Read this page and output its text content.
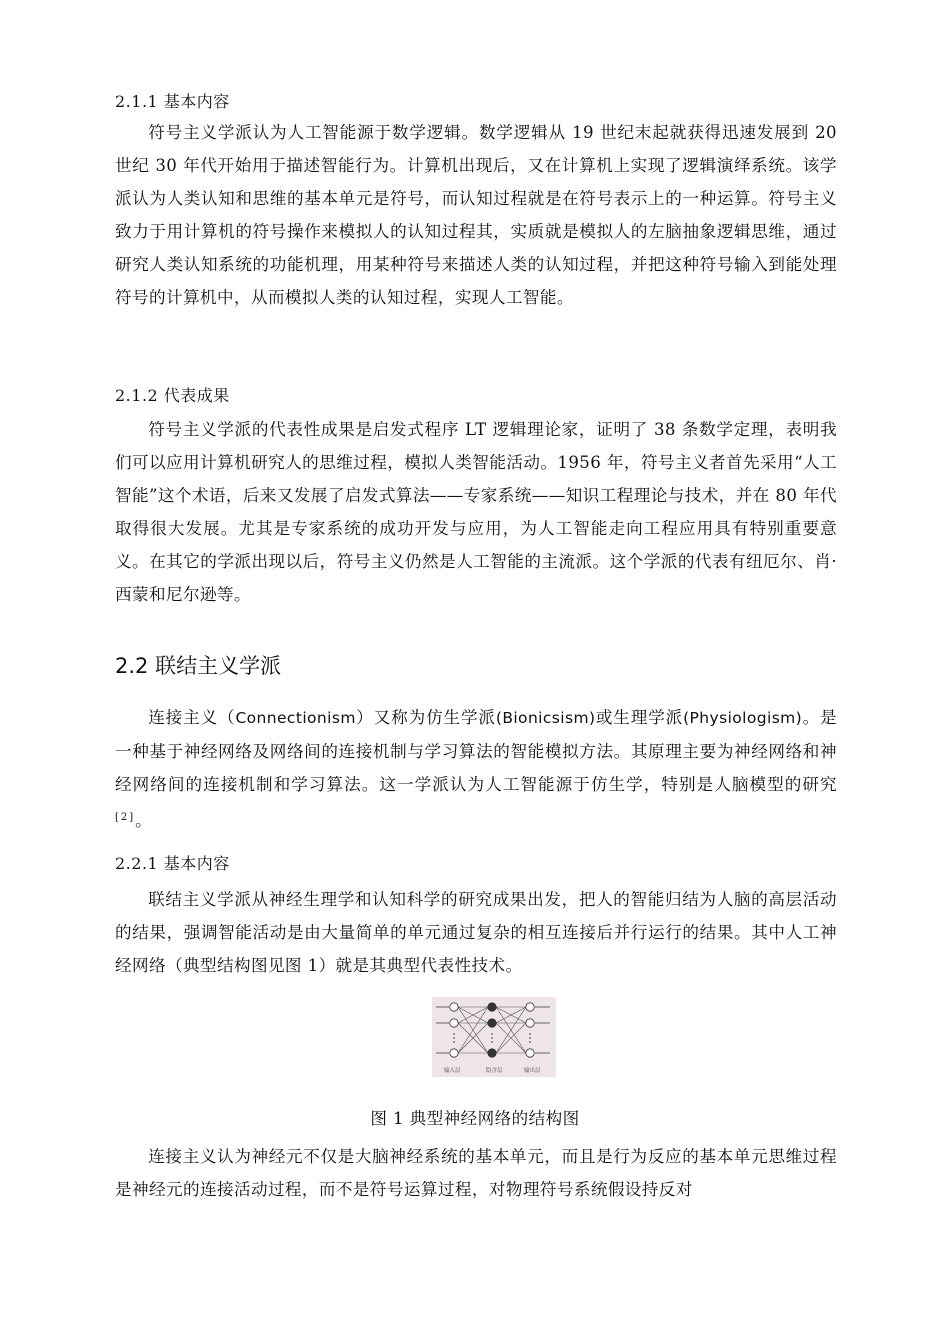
2.1.1 基本内容

符号主义学派认为人工智能源于数学逻辑。数学逻辑从 19 世纪末起就获得迅速发展到 20 世纪 30 年代开始用于描述智能行为。计算机出现后，又在计算机上实现了逻辑演绎系统。该学派认为人类认知和思维的基本单元是符号，而认知过程就是在符号表示上的一种运算。符号主义致力于用计算机的符号操作来模拟人的认知过程其，实质就是模拟人的左脑抽象逻辑思维，通过研究人类认知系统的功能机理，用某种符号来描述人类的认知过程，并把这种符号输入到能处理符号的计算机中，从而模拟人类的认知过程，实现人工智能。

2.1.2 代表成果

符号主义学派的代表性成果是启发式程序 LT 逻辑理论家，证明了 38 条数学定理，表明我们可以应用计算机研究人的思维过程，模拟人类智能活动。1956 年，符号主义者首先采用“人工智能”这个术语，后来又发展了启发式算法——专家系统——知识工程理论与技术，并在 80 年代取得很大发展。尤其是专家系统的成功开发与应用，为人工智能走向工程应用具有特别重要意义。在其它的学派出现以后，符号主义仍然是人工智能的主流派。这个学派的代表有纽厄尔、肖·西蒙和尼尔逊等。

2.2 联结主义学派

连接主义（Connectionism）又称为仿生学派(Bionicsism)或生理学派(Physiologism)。是一种基于神经网络及网络间的连接机制与学习算法的智能模拟方法。其原理主要为神经网络和神经网络间的连接机制和学习算法。这一学派认为人工智能源于仿生学，特别是人脑模型的研究[2]。

2.2.1 基本内容

联结主义学派从神经生理学和认知科学的研究成果出发，把人的智能归结为人脑的高层活动的结果，强调智能活动是由大量简单的单元通过复杂的相互连接后并行运行的结果。其中人工神经网络（典型结构图见图 1）就是其典型代表性技术。

输入层	隐含层	输出层
图 1 典型神经网络的结构图

连接主义认为神经元不仅是大脑神经系统的基本单元，而且是行为反应的基本单元思维过程是神经元的连接活动过程，而不是符号运算过程，对物理符号系统假设持反对
